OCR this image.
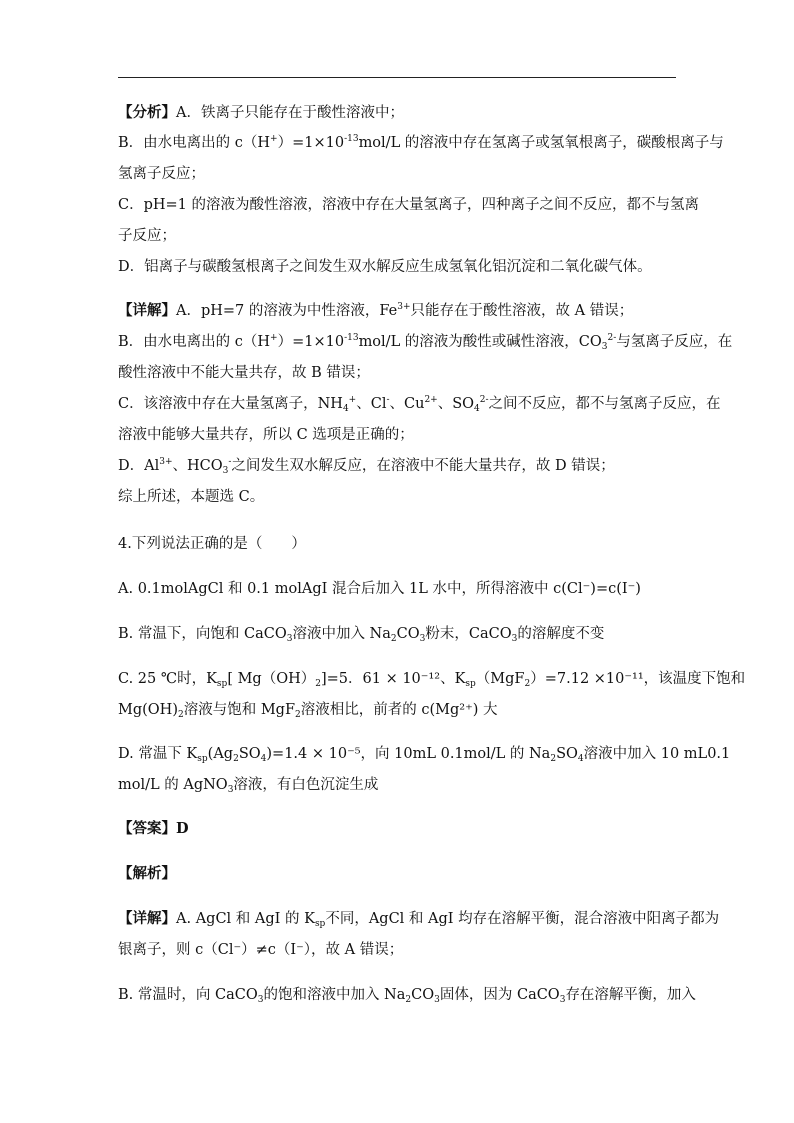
【分析】A．铁离子只能存在于酸性溶液中；
B．由水电离出的 $c(H^+)=1\times 10^{-13}mol/L$ 的溶液中存在氢离子或氢氧根离子，碳酸根离子与
氢离子反应；
C．pH=1 的溶液为酸性溶液，溶液中存在大量氢离子，四种离子之间不反应，都不与氢离
子反应；
D．铝离子与碳酸氢根离子之间发生双水解反应生成氢氧化铝沉淀和二氧化碳气体。
【详解】A．pH=7 的溶液为中性溶液，$Fe^{3+}$只能存在于酸性溶液，故 A 错误；
B．由水电离出的 $c(H^+)=1\times 10^{-13}mol/L$ 的溶液为酸性或碱性溶液，$CO_3^{2-}$与氢离子反应，在
酸性溶液中不能大量共存，故 B 错误；
C．该溶液中存在大量氢离子，$NH_4^+$、Cl-、$Cu^{2+}$、$SO_4^{2-}$之间不反应，都不与氢离子反应，在
溶液中能够大量共存，所以 C 选项是正确的；
D．$Al^{3+}$、$HCO_3^-$之间发生双水解反应，在溶液中不能大量共存，故 D 错误；
综上所述，本题选 C。
4.下列说法正确的是（　　）
A. 0.1molAgCl 和 0.1 molAgI 混合后加入 1L 水中，所得溶液中 c(Cl⁻)=c(I⁻)
B. 常温下，向饱和 CaCO$_3$溶液中加入 $Na_2CO_3$粉末，CaCO$_3$的溶解度不变
C. 25 ℃时，$K_{sp}$[ $Mg(OH)_2]=5$．61 × 10⁻¹²、$K_{sp}(MgF_2)=7.12 \times 10^{-11}$，该温度下饱和
$Mg(OH)_2$溶液与饱和 MgF$_2$溶液相比，前者的 c(Mg²⁺) 大
D. 常温下 $K_{sp}(Ag_2SO_4)=1.4 \times 10^{-5}$，向 10mL 0.1mol/L 的 $Na_2SO_4$溶液中加入 10 mL0.1
mol/L 的 AgNO$_3$溶液，有白色沉淀生成
【答案】D
【解析】
【详解】A. AgCl 和 AgI 的 $K_{sp}$不同，AgCl 和 AgI 均存在溶解平衡，混合溶液中阳离子都为
银离子，则 c（Cl⁻）≠c（I⁻），故 A 错误；
B. 常温时，向 CaCO$_3$的饱和溶液中加入 $Na_2CO_3$固体，因为 CaCO$_3$存在溶解平衡，加入
